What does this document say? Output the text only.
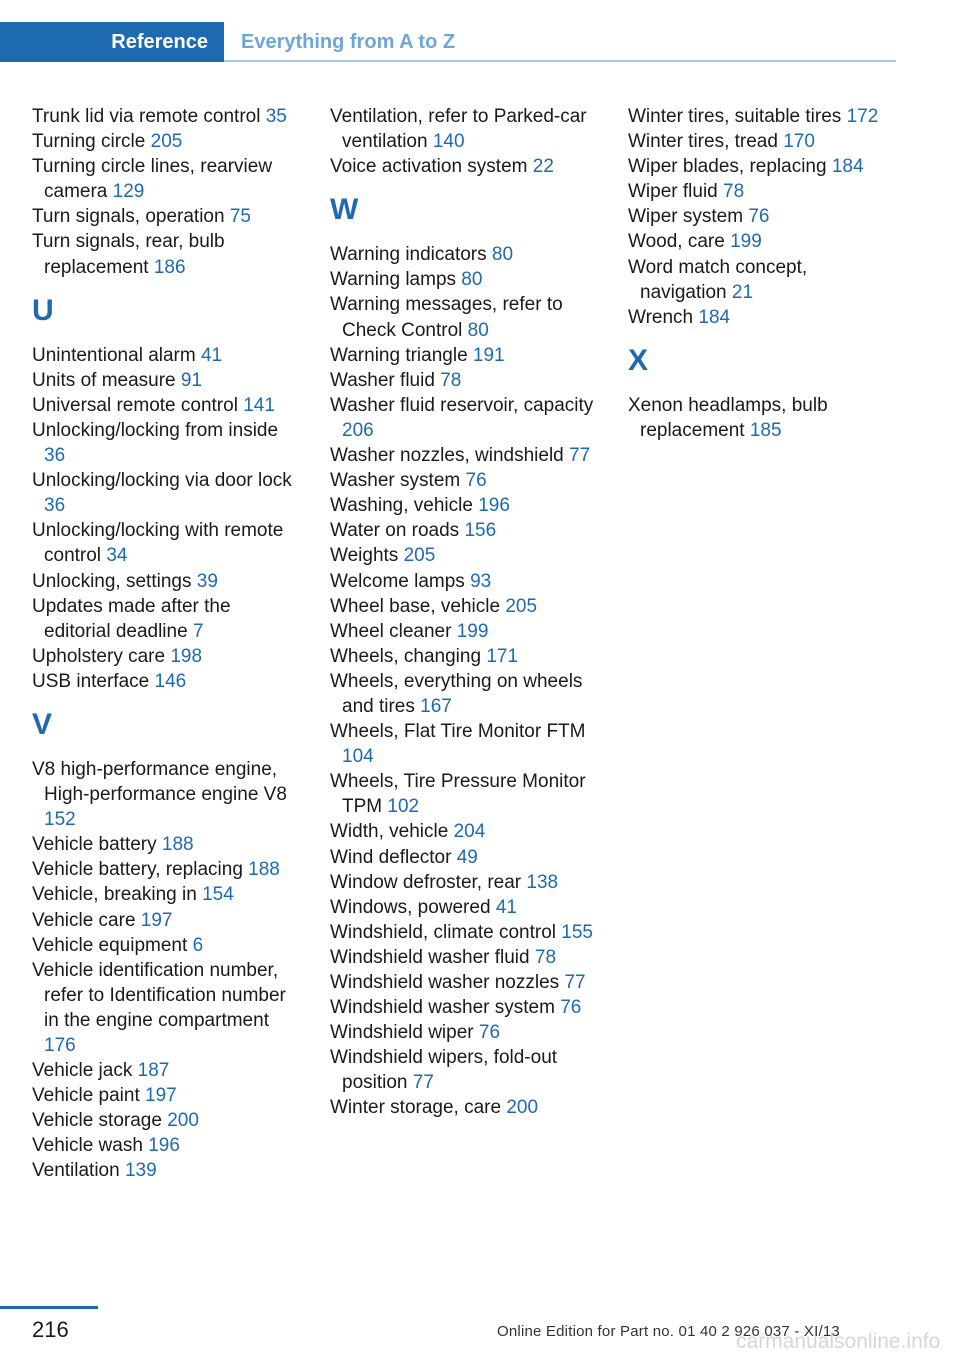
Reference Everything from A to Z

Trunk lid via remote control 35

Turning circle 205

Turning circle lines, rearview camera 129

Turn signals, operation 75

Turn signals, rear, bulb replacement 186

U

Unintentional alarm 41

Units of measure 91

Universal remote control 141

Unlocking/locking from inside 36

Unlocking/locking via door lock 36

Unlocking/locking with remote control 34

Unlocking, settings 39

Updates made after the editorial deadline 7

Upholstery care 198

USB interface 146

V

V8 high-performance engine, High-performance engine V8 152

Vehicle battery 188

Vehicle battery, replacing 188

Vehicle, breaking in 154

Vehicle care 197

Vehicle equipment 6

Vehicle identification number, refer to Identification number in the engine compartment 176

Vehicle jack 187

Vehicle paint 197

Vehicle storage 200

Vehicle wash 196

Ventilation 139

Ventilation, refer to Parked-car ventilation 140

Voice activation system 22

W

Warning indicators 80

Warning lamps 80

Warning messages, refer to Check Control 80

Warning triangle 191

Washer fluid 78

Washer fluid reservoir, capacity 206

Washer nozzles, windshield 77

Washer system 76

Washing, vehicle 196

Water on roads 156

Weights 205

Welcome lamps 93

Wheel base, vehicle 205

Wheel cleaner 199

Wheels, changing 171

Wheels, everything on wheels and tires 167

Wheels, Flat Tire Monitor FTM 104

Wheels, Tire Pressure Monitor TPM 102

Width, vehicle 204

Wind deflector 49

Window defroster, rear 138

Windows, powered 41

Windshield, climate control 155

Windshield washer fluid 78

Windshield washer nozzles 77

Windshield washer system 76

Windshield wiper 76

Windshield wipers, fold-out position 77

Winter storage, care 200

Winter tires, suitable tires 172

Winter tires, tread 170

Wiper blades, replacing 184

Wiper fluid 78

Wiper system 76

Wood, care 199

Word match concept, navigation 21

Wrench 184

X

Xenon headlamps, bulb replacement 185

216	Online Edition for Part no. 01 40 2 926 037 - XI/13
carmanualsonline.info
